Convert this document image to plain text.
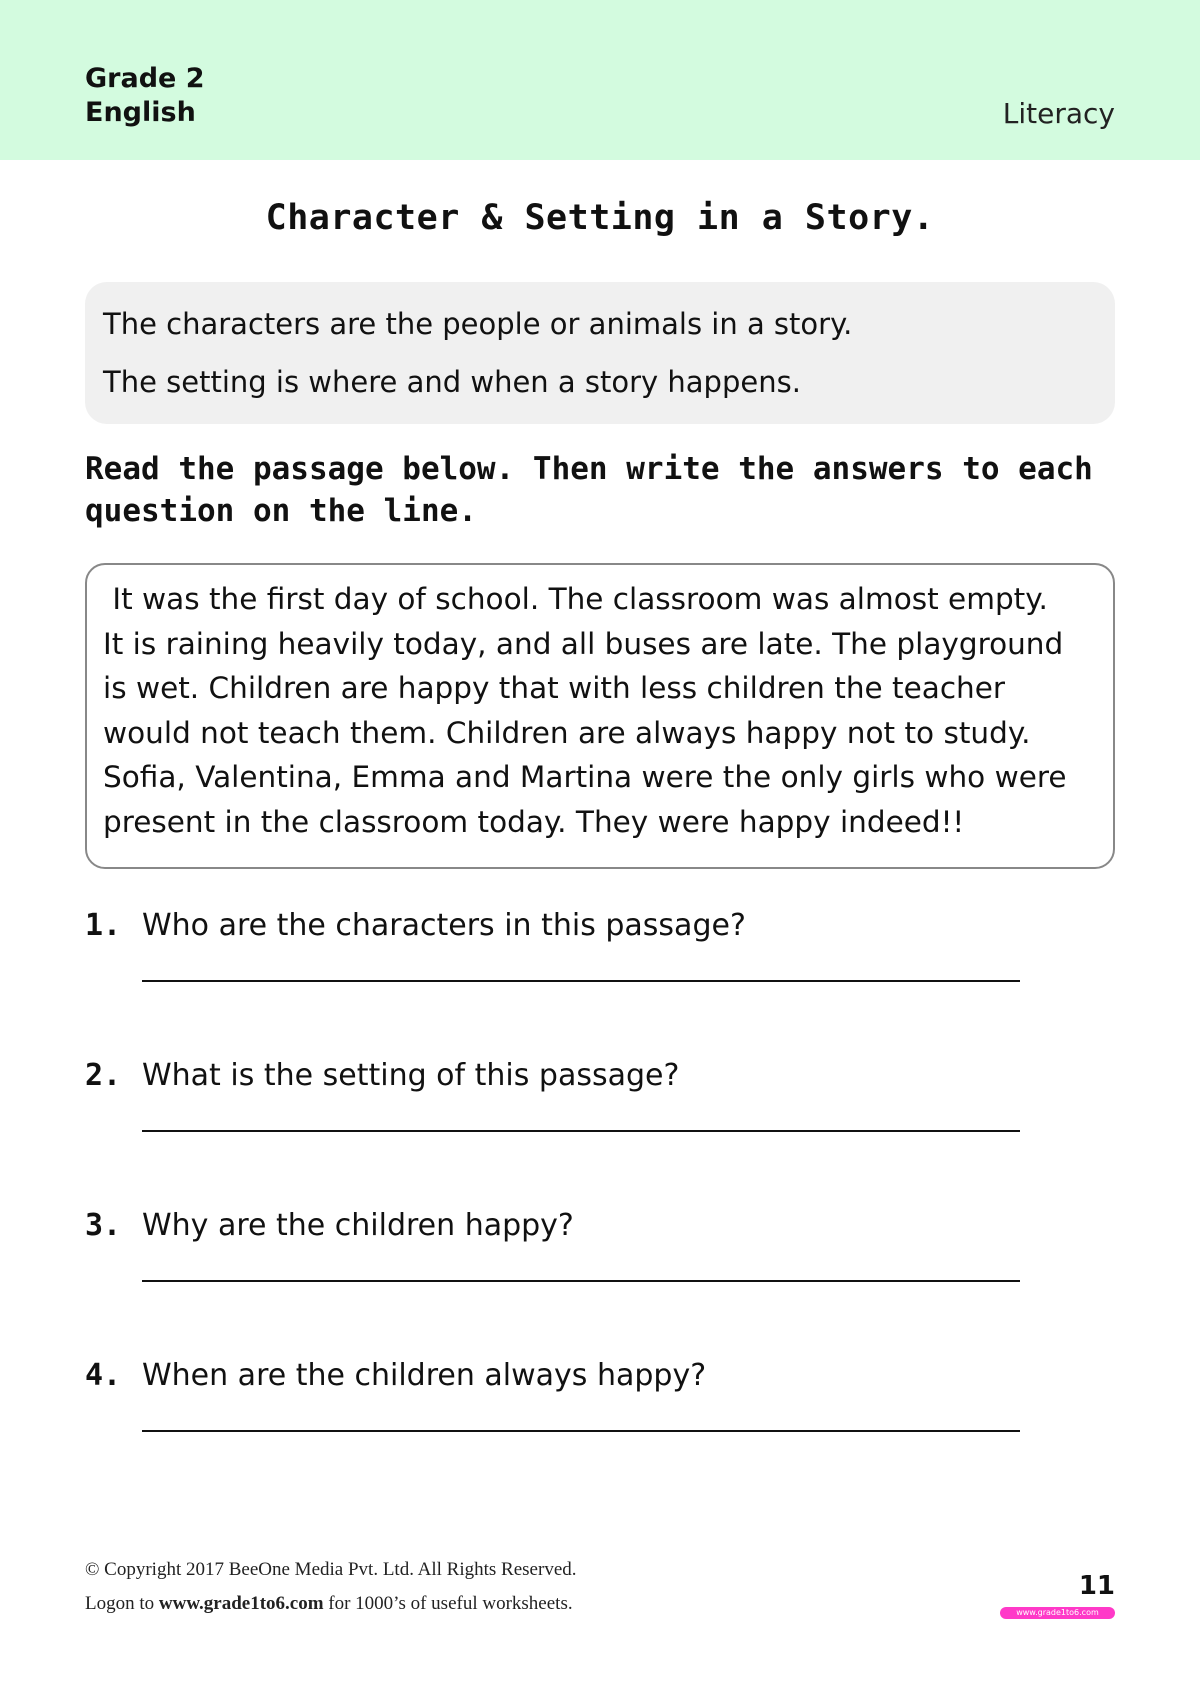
Grade 2
English	Literacy
Character & Setting in a Story.
The characters are the people or animals in a story.
The setting is where and when a story happens.
Read the passage below. Then write the answers to each question on the line.
It was the first day of school. The classroom was almost empty.
It is raining heavily today, and all buses are late. The playground
is wet. Children are happy that with less children the teacher
would not teach them. Children are always happy not to study.
Sofia, Valentina, Emma and Martina were the only girls who were
present in the classroom today. They were happy indeed!!
1. Who are the characters in this passage?
2. What is the setting of this passage?
3. Why are the children happy?
4. When are the children always happy?
© Copyright 2017 BeeOne Media Pvt. Ltd. All Rights Reserved.
Logon to www.grade1to6.com for 1000’s of useful worksheets.
11
www.grade1to6.com
